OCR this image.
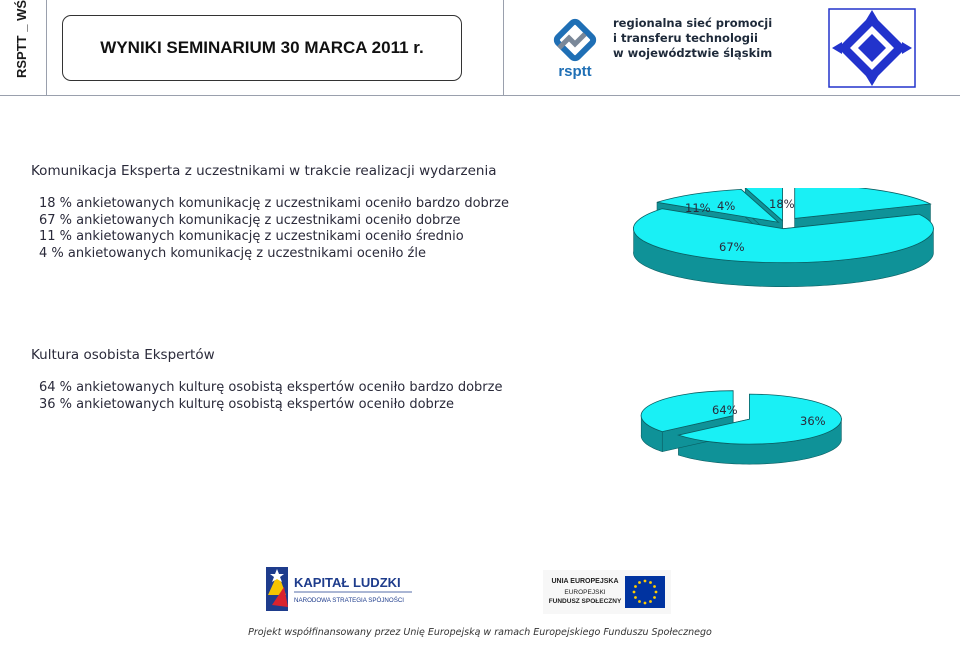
RSPTT _ WŚ	WYNIKI SEMINARIUM 30 MARCA 2011 r.
rsptt
regionalna sieć promocji
i transferu technologii
w województwie śląskim
Komunikacja Eksperta z uczestnikami w trakcie realizacji wydarzenia
18 % ankietowanych komunikację z uczestnikami oceniło bardzo dobrze
67 % ankietowanych komunikację z uczestnikami oceniło dobrze
11 % ankietowanych komunikację z uczestnikami oceniło średnio
4 % ankietowanych komunikację z uczestnikami oceniło źle
18%
67%
11% 4%
Kultura osobista Ekspertów
64 % ankietowanych kulturę osobistą ekspertów oceniło bardzo dobrze
36 % ankietowanych kulturę osobistą ekspertów oceniło dobrze	64%
36%
KAPITAŁ LUDZKI
NARODOWA STRATEGIA SPÓJNOŚCI
UNIA EUROPEJSKA
EUROPEJSKI
FUNDUSZ SPOŁECZNY
Projekt współfinansowany przez Unię Europejską w ramach Europejskiego Funduszu Społecznego
